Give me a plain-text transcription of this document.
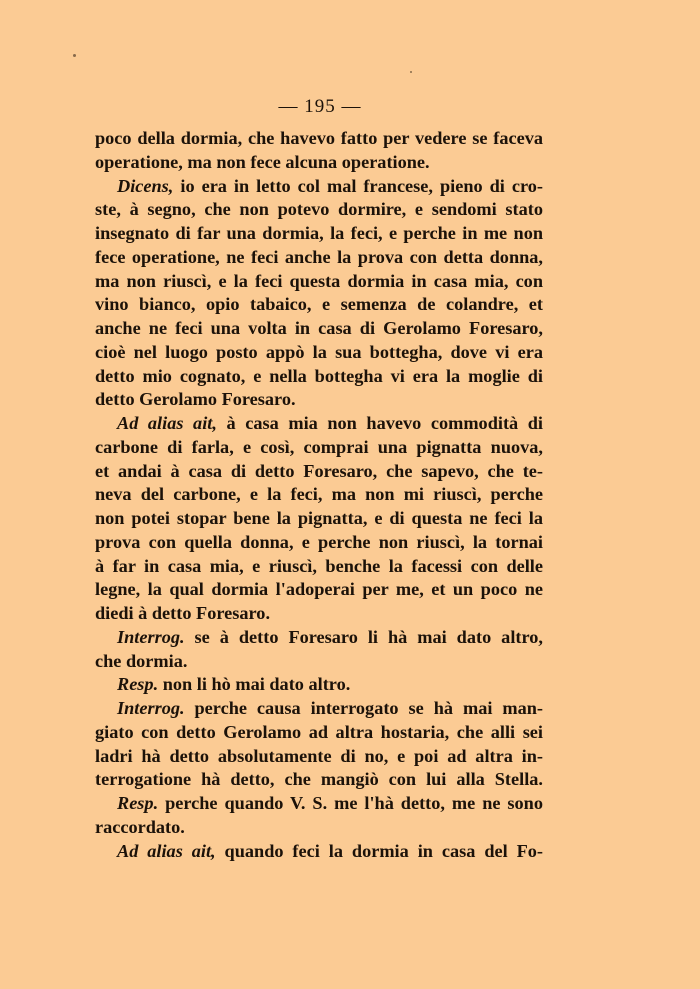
— 195 —
poco della dormia, che havevo fatto per vedere se faceva
operatione, ma non fece alcuna operatione.
Dicens, io era in letto col mal francese, pieno di cro-
ste, à segno, che non potevo dormire, e sendomi stato
insegnato di far una dormia, la feci, e perche in me non
fece operatione, ne feci anche la prova con detta donna,
ma non riuscì, e la feci questa dormia in casa mia, con
vino bianco, opio tabaico, e semenza de colandre, et
anche ne feci una volta in casa di Gerolamo Foresaro,
cioè nel luogo posto appò la sua bottegha, dove vi era
detto mio cognato, e nella bottegha vi era la moglie di
detto Gerolamo Foresaro.
Ad alias ait, à casa mia non havevo commodità di
carbone di farla, e così, comprai una pignatta nuova,
et andai à casa di detto Foresaro, che sapevo, che te-
neva del carbone, e la feci, ma non mi riuscì, perche
non potei stopar bene la pignatta, e di questa ne feci la
prova con quella donna, e perche non riuscì, la tornai
à far in casa mia, e riuscì, benche la facessi con delle
legne, la qual dormia l'adoperai per me, et un poco ne
diedi à detto Foresaro.
Interrog. se à detto Foresaro li hà mai dato altro,
che dormia.
Resp. non li hò mai dato altro.
Interrog. perche causa interrogato se hà mai man-
giato con detto Gerolamo ad altra hostaria, che alli sei
ladri hà detto absolutamente di no, e poi ad altra in-
terrogatione hà detto, che mangiò con lui alla Stella.
Resp. perche quando V. S. me l'hà detto, me ne sono
raccordato.
Ad alias ait, quando feci la dormia in casa del Fo-
